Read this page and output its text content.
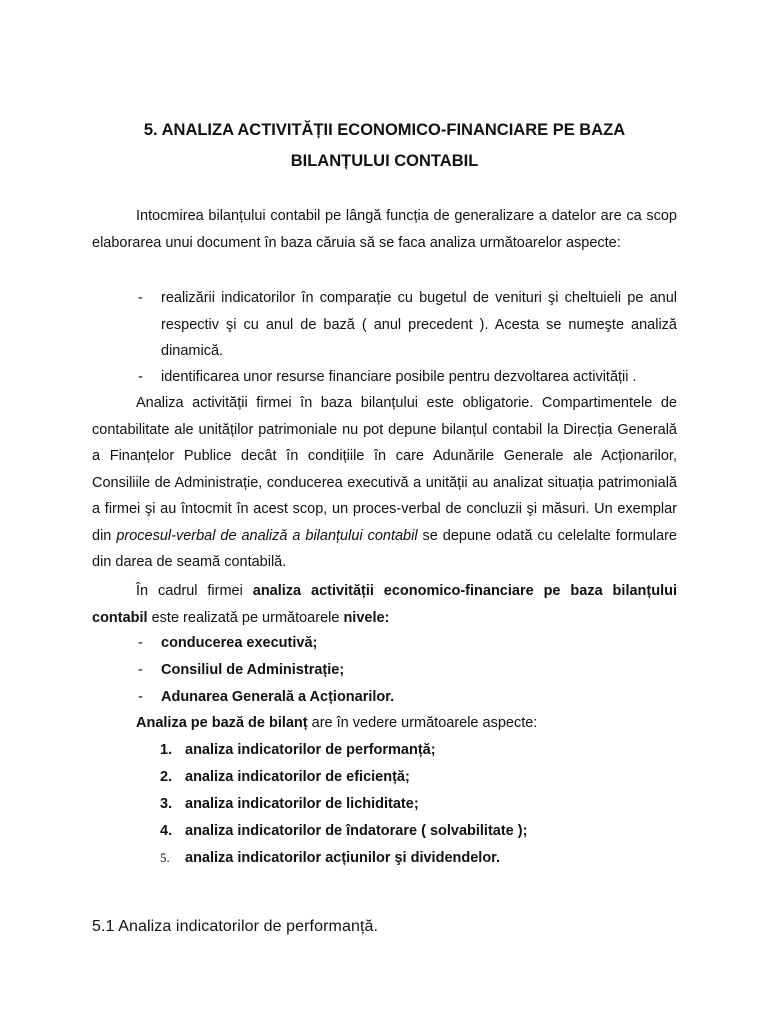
5. ANALIZA ACTIVITĂȚII ECONOMICO-FINANCIARE PE BAZA
BILANȚULUI CONTABIL
Intocmirea bilanțului contabil pe lângă funcția de generalizare a datelor are ca scop elaborarea unui document în baza căruia să se faca analiza următoarelor aspecte:
- realizării indicatorilor în comparație cu bugetul de venituri şi cheltuieli pe anul respectiv şi cu anul de bază ( anul precedent ). Acesta se numeşte analiză dinamică.
- identificarea unor resurse financiare posibile pentru dezvoltarea activității .
Analiza activității firmei în baza bilanțului este obligatorie. Compartimentele de contabilitate ale unităților patrimoniale nu pot depune bilanțul contabil la Direcția Generală a Finanțelor Publice decât în condițiile în care Adunările Generale ale Acționarilor, Consiliile de Administrație, conducerea executivă a unității au analizat situația patrimonială a firmei şi au întocmit în acest scop, un proces-verbal de concluzii şi măsuri. Un exemplar din procesul-verbal de analiză a bilanțului contabil se depune odată cu celelalte formulare din darea de seamă contabilă.
În cadrul firmei analiza activității economico-financiare pe baza bilanțului contabil este realizată pe următoarele nivele:
- conducerea executivă;
- Consiliul de Administrație;
- Adunarea Generală a Acționarilor.
Analiza pe bază de bilanț are în vedere următoarele aspecte:
1. analiza indicatorilor de performanță;
2. analiza indicatorilor de eficiență;
3. analiza indicatorilor de lichiditate;
4. analiza indicatorilor de îndatorare ( solvabilitate );
5. analiza indicatorilor acțiunilor şi dividendelor.
5.1 Analiza indicatorilor de performanță.
